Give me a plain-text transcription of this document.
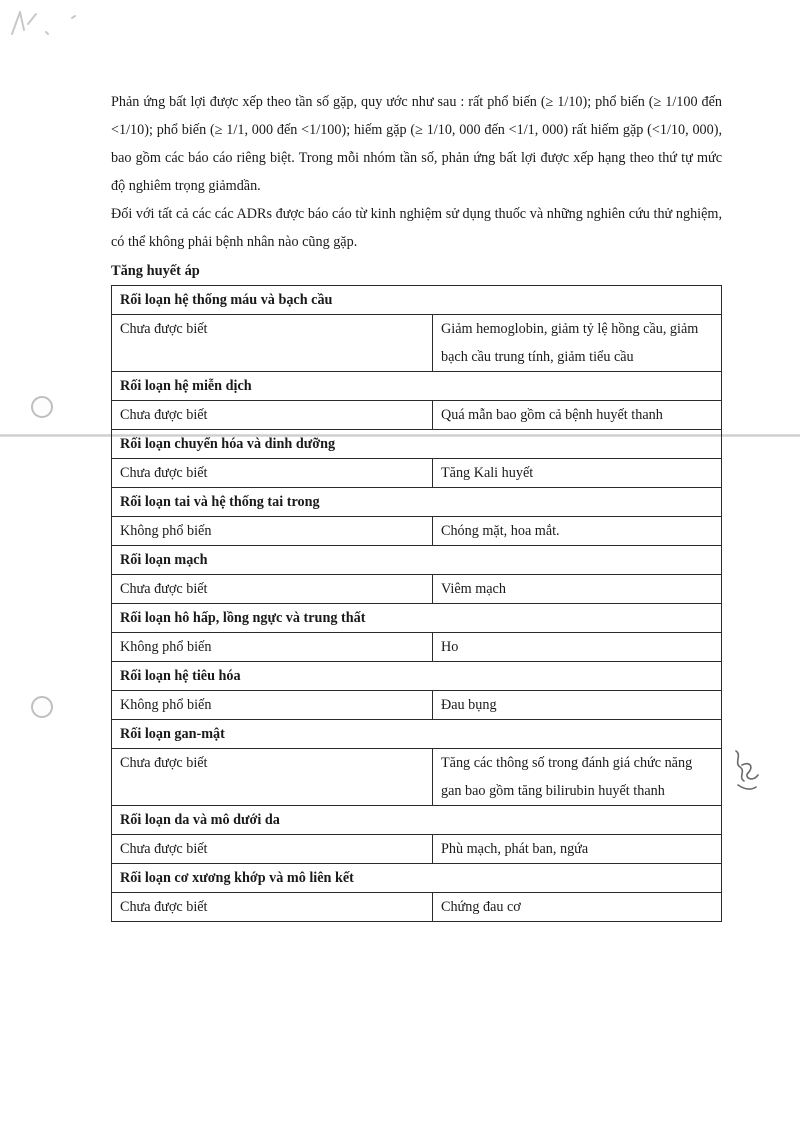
Phản ứng bất lợi được xếp theo tần số gặp, quy ước như sau : rất phổ biến (≥ 1/10); phổ biến (≥ 1/100 đến <1/10); phổ biến (≥ 1/1, 000 đến <1/100); hiếm gặp (≥ 1/10, 000 đến <1/1, 000) rất hiếm gặp (<1/10, 000), bao gồm các báo cáo riêng biệt. Trong mỗi nhóm tần số, phản ứng bất lợi được xếp hạng theo thứ tự mức độ nghiêm trọng giảmdần.

Đối với tất cả các các ADRs được báo cáo từ kinh nghiệm sử dụng thuốc và những nghiên cứu thử nghiệm, có thể không phải bệnh nhân nào cũng gặp.

Tăng huyết áp
Rối loạn hệ thống máu và bạch cầu	
Chưa được biết	Giảm hemoglobin, giảm tỷ lệ hồng cầu, giảm bạch cầu trung tính, giảm tiểu cầu
Rối loạn hệ miễn dịch	
Chưa được biết	Quá mẫn bao gồm cả bệnh huyết thanh
Rối loạn chuyển hóa và dinh dưỡng	
Chưa được biết	Tăng Kali huyết
Rối loạn tai và hệ thống tai trong	
Không phổ biến	Chóng mặt, hoa mắt.
Rối loạn mạch	
Chưa được biết	Viêm mạch
Rối loạn hô hấp, lồng ngực và trung thất	
Không phổ biến	Ho
Rối loạn hệ tiêu hóa	
Không phổ biến	Đau bụng
Rối loạn gan-mật	
Chưa được biết	Tăng các thông số trong đánh giá chức năng gan bao gồm tăng bilirubin huyết thanh
Rối loạn da và mô dưới da	
Chưa được biết	Phù mạch, phát ban, ngứa
Rối loạn cơ xương khớp và mô liên kết	
Chưa được biết	Chứng đau cơ
